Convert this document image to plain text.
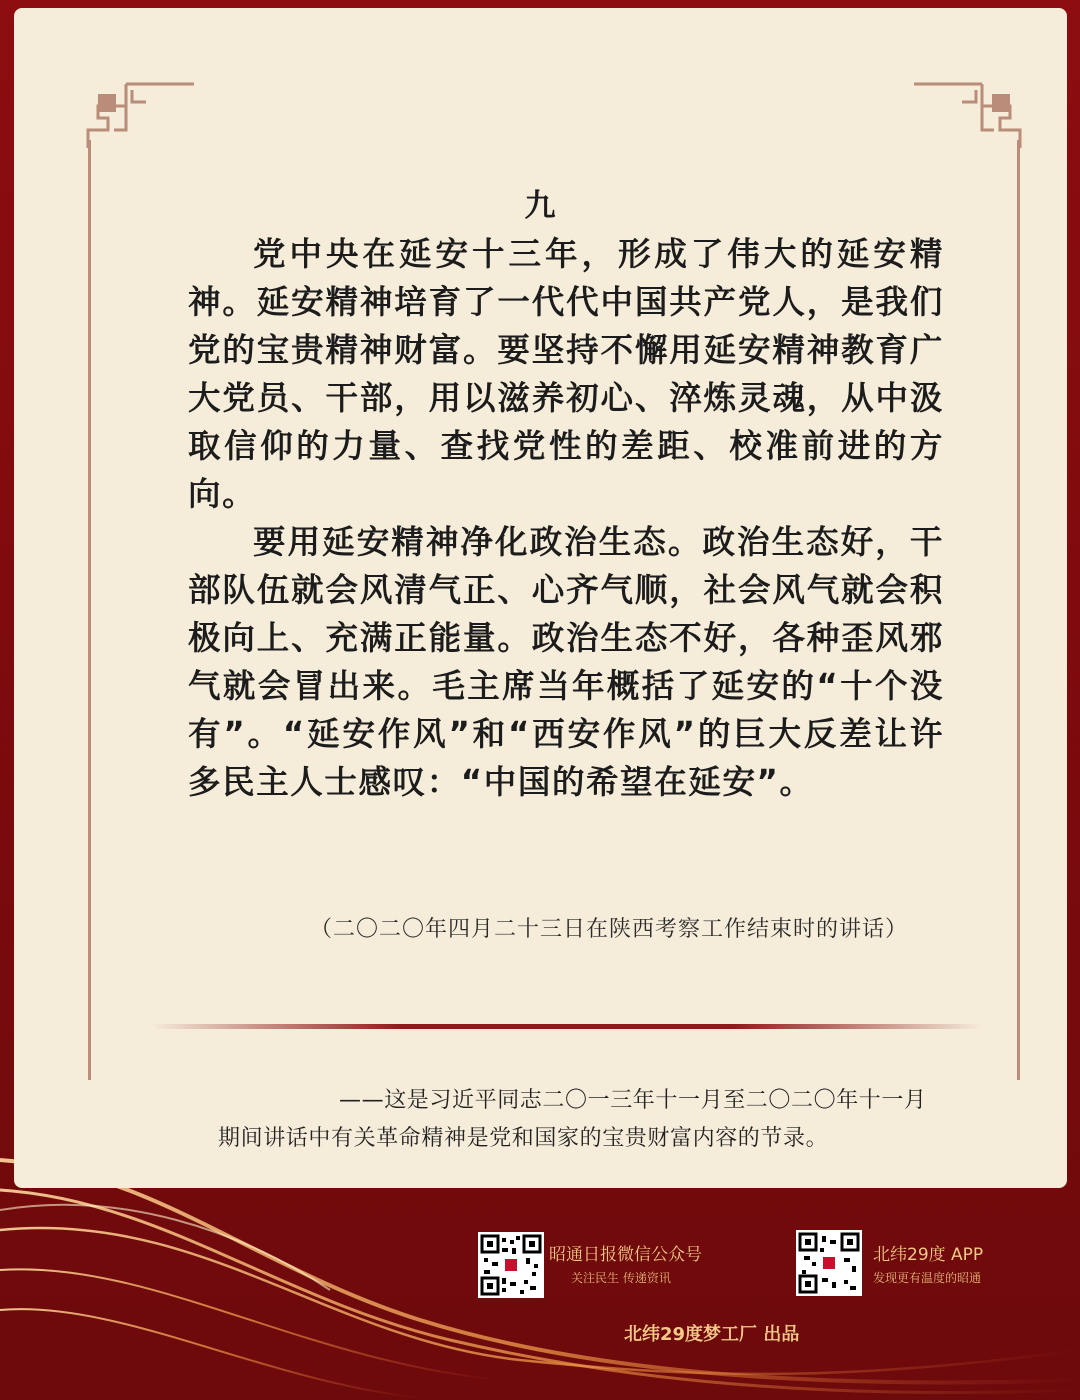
九

党中央在延安十三年，形成了伟大的延安精神。延安精神培育了一代代中国共产党人，是我们党的宝贵精神财富。要坚持不懈用延安精神教育广大党员、干部，用以滋养初心、淬炼灵魂，从中汲取信仰的力量、查找党性的差距、校准前进的方向。

要用延安精神净化政治生态。政治生态好，干部队伍就会风清气正、心齐气顺，社会风气就会积极向上、充满正能量。政治生态不好，各种歪风邪气就会冒出来。毛主席当年概括了延安的“十个没有”。“延安作风”和“西安作风”的巨大反差让许多民主人士感叹：“中国的希望在延安”。

（二〇二〇年四月二十三日在陕西考察工作结束时的讲话）
——这是习近平同志二〇一三年十一月至二〇二〇年十一月期间讲话中有关革命精神是党和国家的宝贵财富内容的节录。
昭通日报微信公众号
关注民生 传递资讯
北纬29度 APP
发现更有温度的昭通
北纬29度梦工厂 出品
